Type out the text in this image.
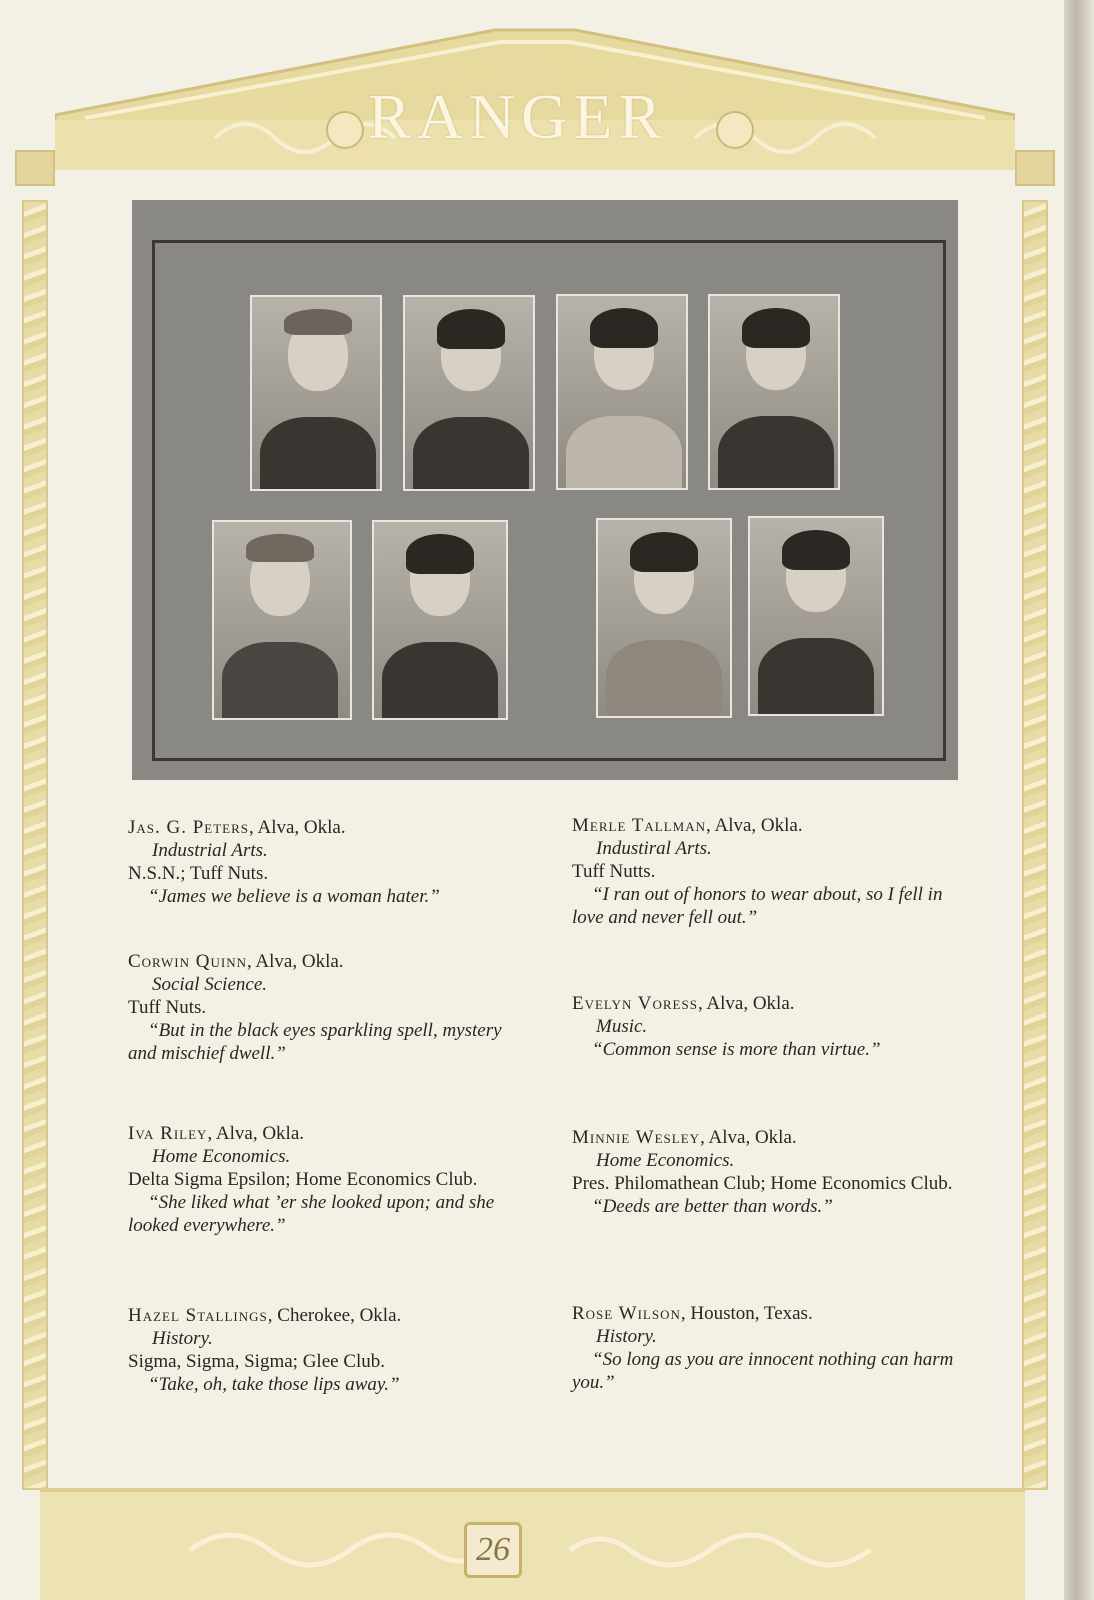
The
RANGER
Jas. G. Peters, Alva, Okla.
Industrial Arts.
N.S.N.; Tuff Nuts.
“James we believe is a woman hater.”
Corwin Quinn, Alva, Okla.
Social Science.
Tuff Nuts.
“But in the black eyes sparkling spell, mystery and mischief dwell.”
Iva Riley, Alva, Okla.
Home Economics.
Delta Sigma Epsilon; Home Economics Club.
“She liked what ’er she looked upon; and she looked everywhere.”
Hazel Stallings, Cherokee, Okla.
History.
Sigma, Sigma, Sigma; Glee Club.
“Take, oh, take those lips away.”
Merle Tallman, Alva, Okla.
Industiral Arts.
Tuff Nutts.
“I ran out of honors to wear about, so I fell in love and never fell out.”
Evelyn Voress, Alva, Okla.
Music.
“Common sense is more than virtue.”
Minnie Wesley, Alva, Okla.
Home Economics.
Pres. Philomathean Club; Home Economics Club.
“Deeds are better than words.”
Rose Wilson, Houston, Texas.
History.
“So long as you are innocent nothing can harm you.”
26
